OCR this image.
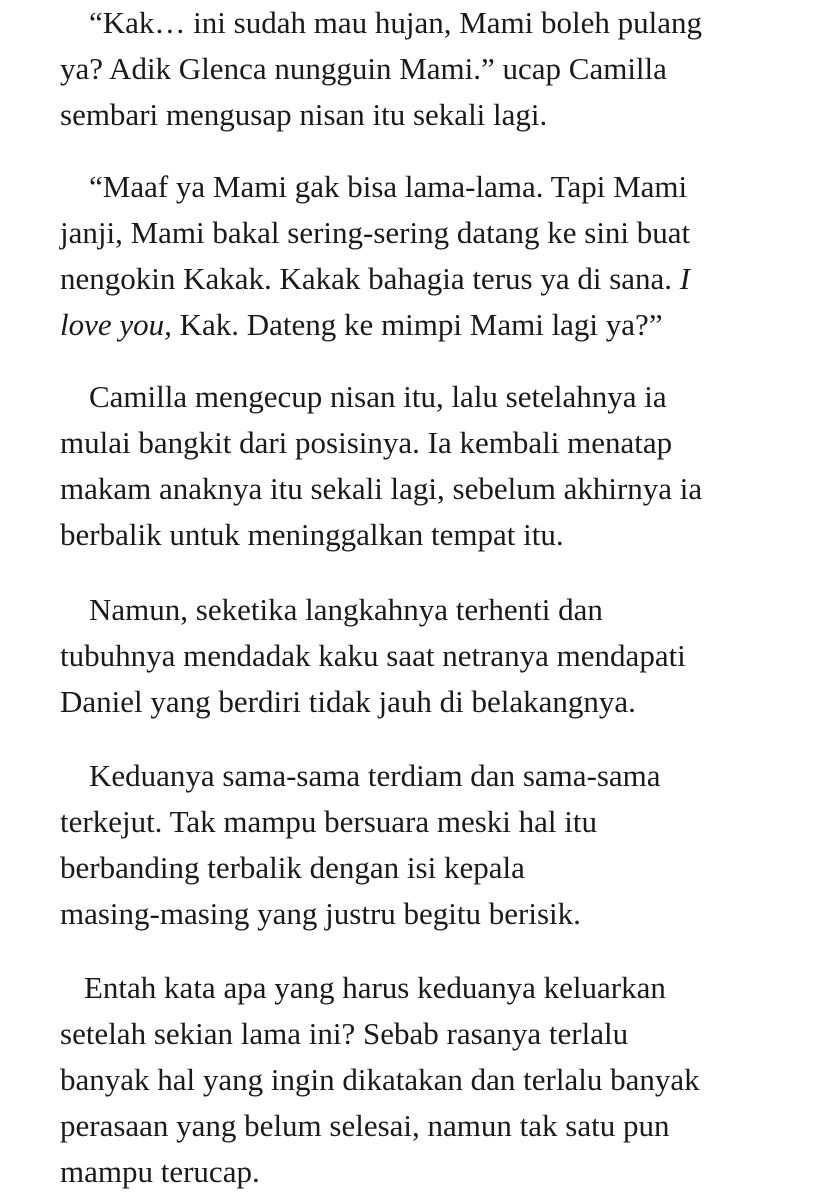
“Kak… ini sudah mau hujan, Mami boleh pulang
ya? Adik Glenca nungguin Mami.” ucap Camilla
sembari mengusap nisan itu sekali lagi.

“Maaf ya Mami gak bisa lama-lama. Tapi Mami
janji, Mami bakal sering-sering datang ke sini buat
nengokin Kakak. Kakak bahagia terus ya di sana. I
love you, Kak. Dateng ke mimpi Mami lagi ya?”

Camilla mengecup nisan itu, lalu setelahnya ia
mulai bangkit dari posisinya. Ia kembali menatap
makam anaknya itu sekali lagi, sebelum akhirnya ia
berbalik untuk meninggalkan tempat itu.

Namun, seketika langkahnya terhenti dan
tubuhnya mendadak kaku saat netranya mendapati
Daniel yang berdiri tidak jauh di belakangnya.

Keduanya sama-sama terdiam dan sama-sama
terkejut. Tak mampu bersuara meski hal itu
berbanding terbalik dengan isi kepala
masing-masing yang justru begitu berisik.

Entah kata apa yang harus keduanya keluarkan
setelah sekian lama ini? Sebab rasanya terlalu
banyak hal yang ingin dikatakan dan terlalu banyak
perasaan yang belum selesai, namun tak satu pun
mampu terucap.
